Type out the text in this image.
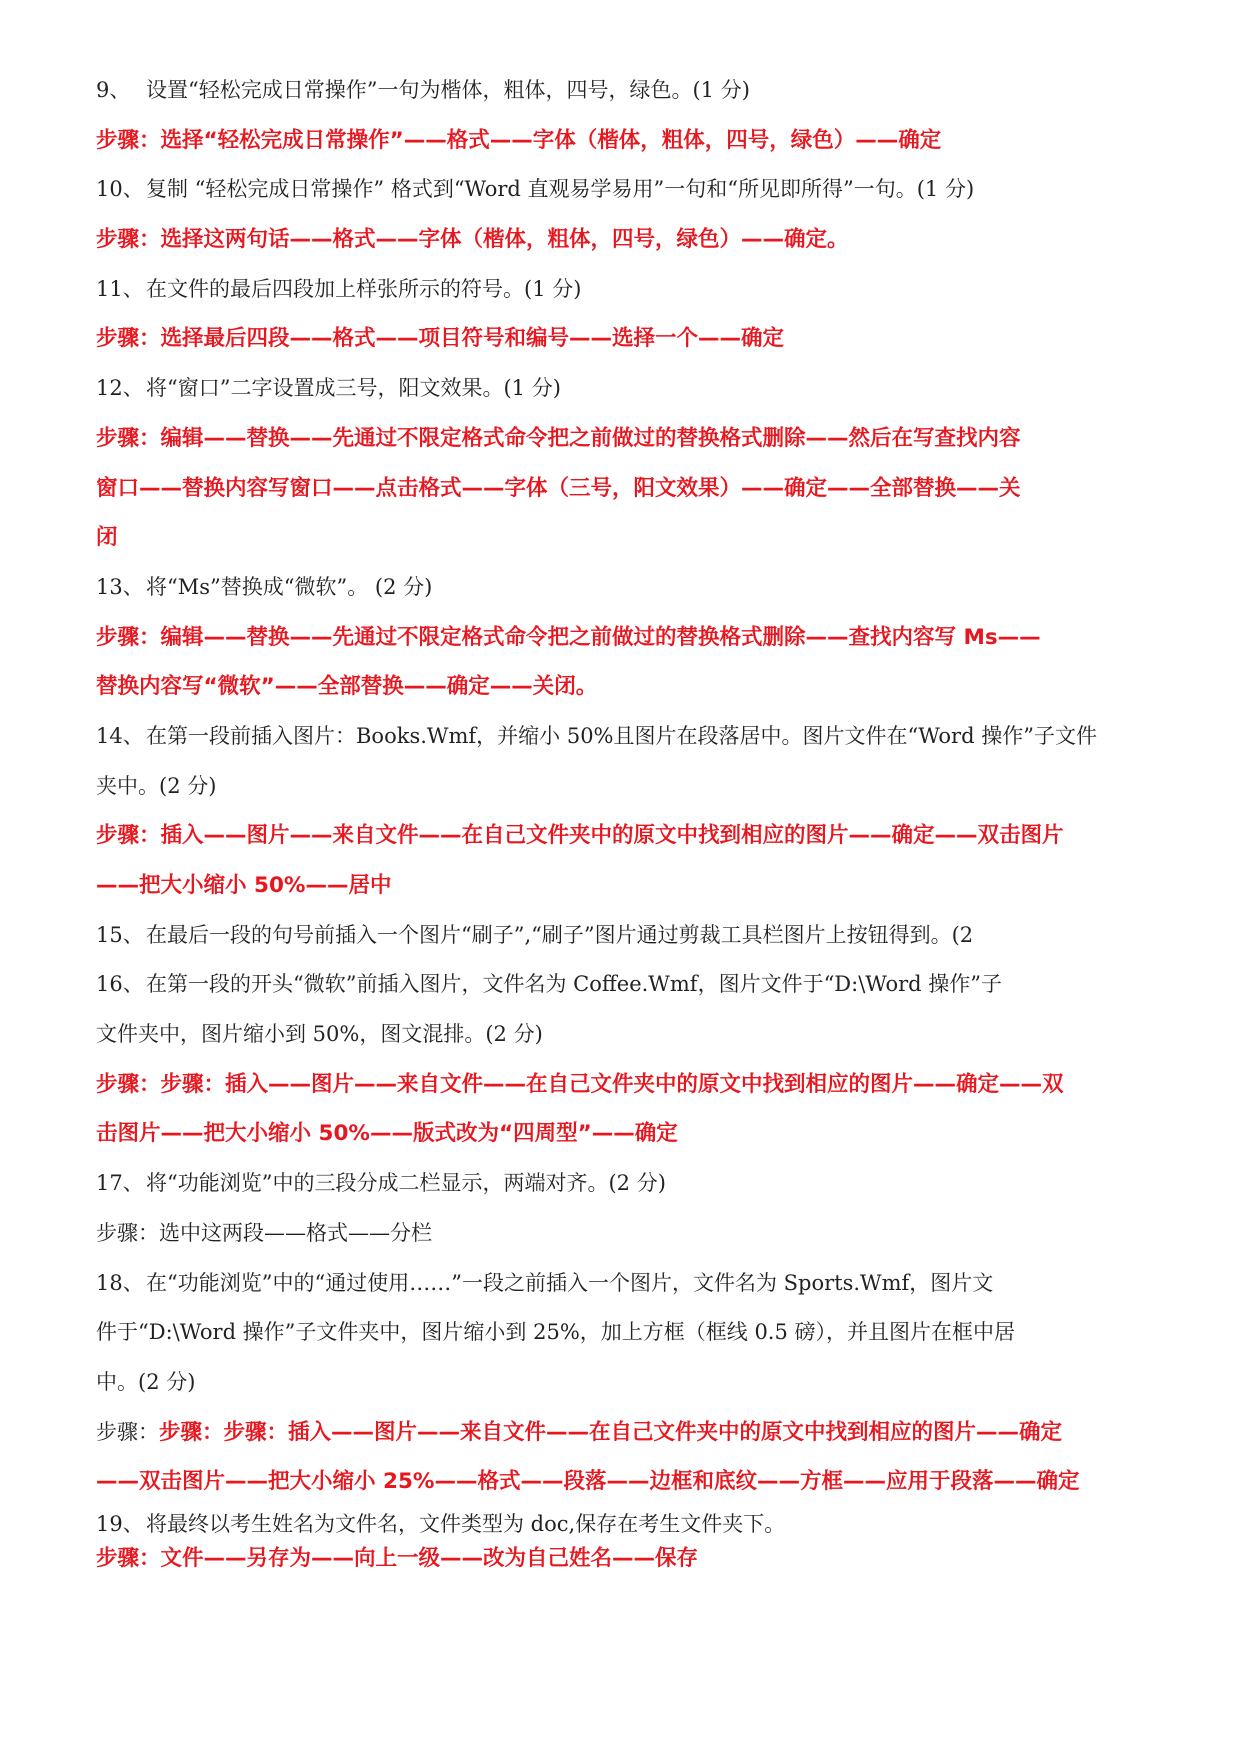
9、 设置“轻松完成日常操作”一句为楷体，粗体，四号，绿色。(1 分)
步骤：选择“轻松完成日常操作”——格式——字体（楷体，粗体，四号，绿色）——确定
10、 复制 “轻松完成日常操作” 格式到“Word 直观易学易用”一句和“所见即所得”一句。(1 分)
步骤：选择这两句话——格式——字体（楷体，粗体，四号，绿色）——确定。
11、 在文件的最后四段加上样张所示的符号。(1 分)
步骤：选择最后四段——格式——项目符号和编号——选择一个——确定
12、 将“窗口”二字设置成三号，阳文效果。(1 分)
步骤：编辑——替换——先通过不限定格式命令把之前做过的替换格式删除——然后在写查找内容
窗口——替换内容写窗口——点击格式——字体（三号，阳文效果）——确定——全部替换——关
闭
13、 将“Ms”替换成“微软”。 (2 分)
步骤：编辑——替换——先通过不限定格式命令把之前做过的替换格式删除——查找内容写 Ms——
替换内容写“微软”——全部替换——确定——关闭。
14、 在第一段前插入图片：Books.Wmf，并缩小 50%且图片在段落居中。图片文件在“Word 操作”子文件
夹中。(2 分)
步骤：插入——图片——来自文件——在自己文件夹中的原文中找到相应的图片——确定——双击图片
——把大小缩小 50%——居中
15、 在最后一段的句号前插入一个图片“刷子”,“刷子”图片通过剪裁工具栏图片上按钮得到。(2
16、 在第一段的开头“微软”前插入图片，文件名为 Coffee.Wmf，图片文件于“D:\Word 操作”子
文件夹中，图片缩小到 50%，图文混排。(2 分)
步骤：步骤：插入——图片——来自文件——在自己文件夹中的原文中找到相应的图片——确定——双
击图片——把大小缩小 50%——版式改为“四周型”——确定
17、 将“功能浏览”中的三段分成二栏显示，两端对齐。(2 分)
步骤：选中这两段——格式——分栏
18、 在“功能浏览”中的“通过使用……”一段之前插入一个图片，文件名为 Sports.Wmf，图片文
件于“D:\Word 操作”子文件夹中，图片缩小到 25%，加上方框（框线 0.5 磅），并且图片在框中居
中。(2 分)
步骤：步骤：步骤：插入——图片——来自文件——在自己文件夹中的原文中找到相应的图片——确定
——双击图片——把大小缩小 25%——格式——段落——边框和底纹——方框——应用于段落——确定
19、 将最终以考生姓名为文件名，文件类型为 doc,保存在考生文件夹下。
步骤：文件——另存为——向上一级——改为自己姓名——保存
